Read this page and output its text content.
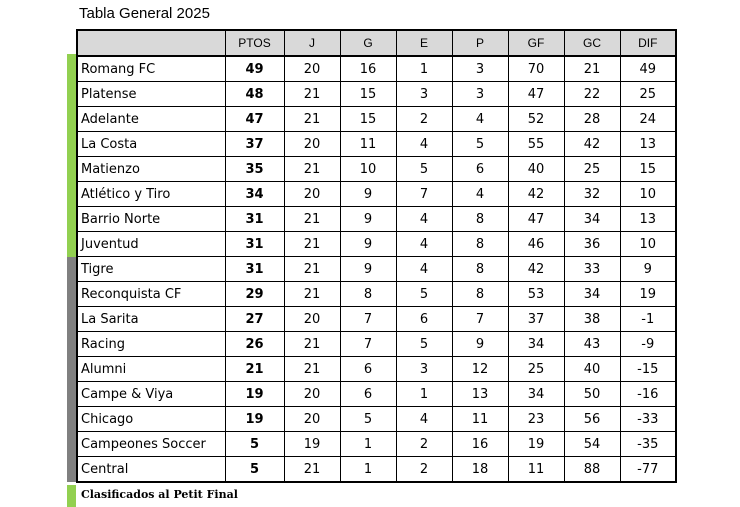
Tabla General 2025
	PTOS	J	G	E	P	GF	GC	DIF
Romang FC	49	20	16	1	3	70	21	49
Platense	48	21	15	3	3	47	22	25
Adelante	47	21	15	2	4	52	28	24
La Costa	37	20	11	4	5	55	42	13
Matienzo	35	21	10	5	6	40	25	15
Atlético y Tiro	34	20	9	7	4	42	32	10
Barrio Norte	31	21	9	4	8	47	34	13
Juventud	31	21	9	4	8	46	36	10
Tigre	31	21	9	4	8	42	33	9
Reconquista CF	29	21	8	5	8	53	34	19
La Sarita	27	20	7	6	7	37	38	-1
Racing	26	21	7	5	9	34	43	-9
Alumni	21	21	6	3	12	25	40	-15
Campe & Viya	19	20	6	1	13	34	50	-16
Chicago	19	20	5	4	11	23	56	-33
Campeones Soccer	5	19	1	2	16	19	54	-35
Central	5	21	1	2	18	11	88	-77
Clasificados al Petit Final
